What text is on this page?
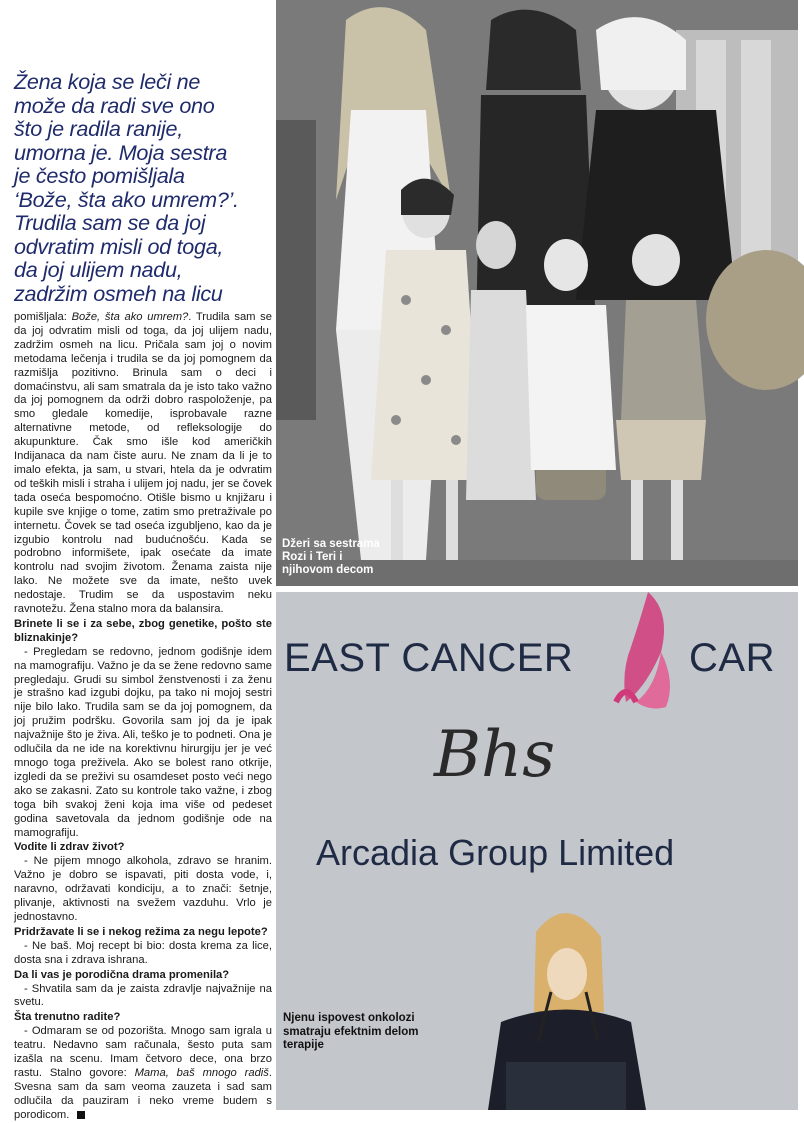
Žena koja se leči ne
može da radi sve ono
što je radila ranije,
umorna je. Moja sestra
je često pomišljala
‘Bože, šta ako umrem?’.
Trudila sam se da joj
odvratim misli od toga,
da joj ulijem nadu,
zadržim osmeh na licu

pomišljala: Bože, šta ako umrem?. Trudila sam se da joj odvratim misli od toga, da joj ulijem nadu, zadržim osmeh na licu. Pričala sam joj o novim metodama lečenja i trudila se da joj pomognem da razmišlja pozitivno. Brinula sam o deci i domaćinstvu, ali sam smatrala da je isto tako važno da joj pomognem da održi dobro raspoloženje, pa smo gledale komedije, isprobavale razne alternativne metode, od refleksologije do akupunkture. Čak smo išle kod američkih Indijanaca da nam čiste auru. Ne znam da li je to imalo efekta, ja sam, u stvari, htela da je odvratim od teških misli i straha i ulijem joj nadu, jer se čovek tada oseća bespomoćno. Otišle bismo u knjižaru i kupile sve knjige o tome, zatim smo pretraživale po internetu. Čovek se tad oseća izgubljeno, kao da je izgubio kontrolu nad budućnošću. Kada se podrobno informišete, ipak osećate da imate kontrolu nad svojim životom. Ženama zaista nije lako. Ne možete sve da imate, nešto uvek nedostaje. Trudim se da uspostavim neku ravnotežu. Žena stalno mora da balansira.

Brinete li se i za sebe, zbog genetike, pošto ste bliznakinje?

- Pregledam se redovno, jednom godišnje idem na mamografiju. Važno je da se žene redovno same pregledaju. Grudi su simbol ženstvenosti i za ženu je strašno kad izgubi dojku, pa tako ni mojoj sestri nije bilo lako. Trudila sam se da joj pomognem, da joj pružim podršku. Govorila sam joj da je ipak najvažnije što je živa. Ali, teško je to podneti. Ona je odlučila da ne ide na korektivnu hirurgiju jer je već mnogo toga preživela. Ako se bolest rano otkrije, izgledi da se preživi su osamdeset posto veći nego ako se zakasni. Zato su kontrole tako važne, i zbog toga bih svakoj ženi koja ima više od pedeset godina savetovala da jednom godišnje ode na mamografiju.

Vodite li zdrav život?

- Ne pijem mnogo alkohola, zdravo se hranim. Važno je dobro se ispavati, piti dosta vode, i, naravno, održavati kondiciju, a to znači: šetnje, plivanje, aktivnosti na svežem vazduhu. Vrlo je jednostavno.

Pridržavate li se i nekog režima za negu lepote?

- Ne baš. Moj recept bi bio: dosta krema za lice, dosta sna i zdrava ishrana.

Da li vas je porodična drama promenila?

- Shvatila sam da je zaista zdravlje najvažnije na svetu.

Šta trenutno radite?

- Odmaram se od pozorišta. Mnogo sam igrala u teatru. Nedavno sam računala, šesto puta sam izašla na scenu. Imam četvoro dece, ona brzo rastu. Stalno govore: Mama, baš mnogo radiš. Svesna sam da sam veoma zauzeta i sad sam odlučila da pauziram i neko vreme budem s porodicom.

Džeri sa sestrama Rozi i Teri i njihovom decom
EAST CANCER	CAR
Bhs
Arcadia Group Limited
Njenu ispovest onkolozi smatraju efektnim delom terapije
